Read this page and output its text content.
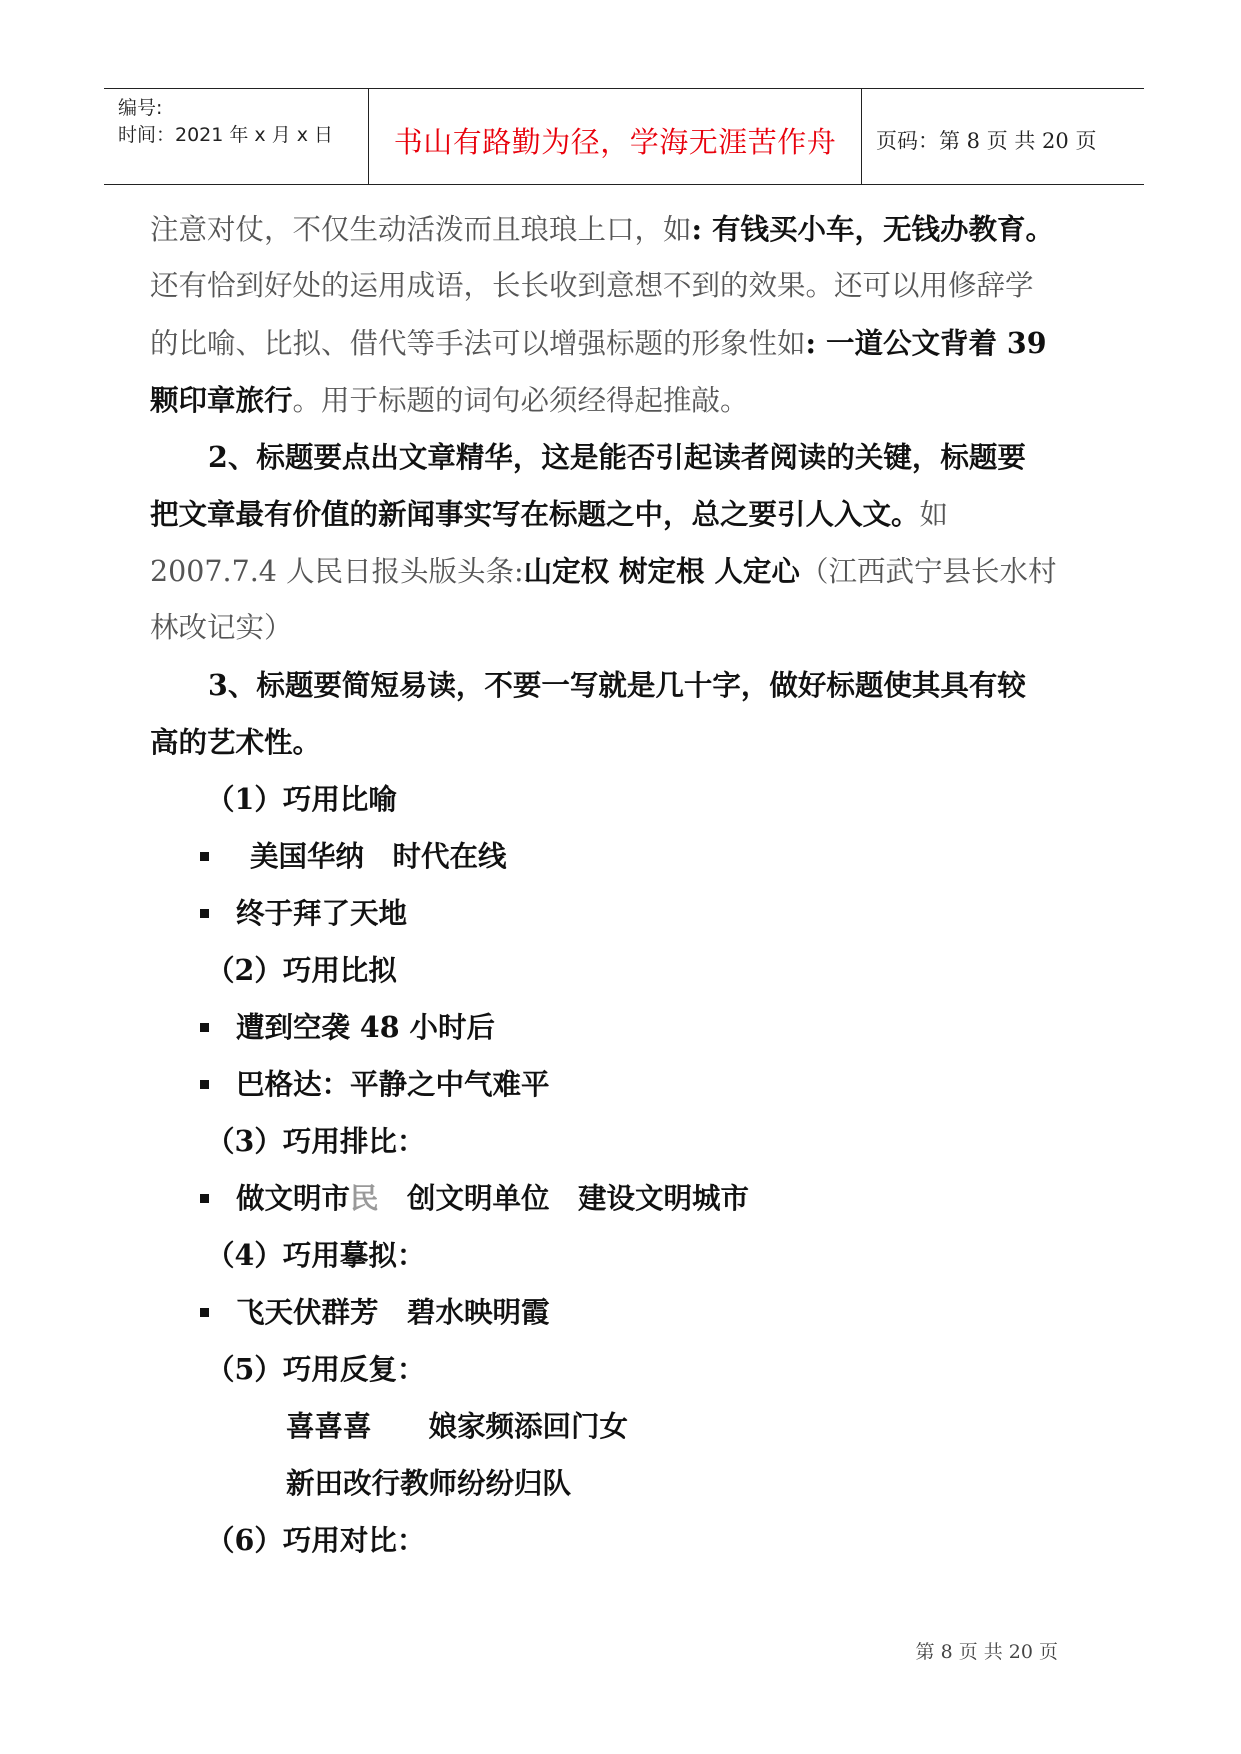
编号:
时间：2021 年 x 月 x 日	书山有路勤为径，学海无涯苦作舟	页码：第 8 页 共 20 页
注意对仗，不仅生动活泼而且琅琅上口，如: 有钱买小车，无钱办教育。
还有恰到好处的运用成语，长长收到意想不到的效果。还可以用修辞学
的比喻、比拟、借代等手法可以增强标题的形象性如: 一道公文背着 39
颗印章旅行。用于标题的词句必须经得起推敲。
2、标题要点出文章精华，这是能否引起读者阅读的关键，标题要
把文章最有价值的新闻事实写在标题之中，总之要引人入文。如
2007.7.4 人民日报头版头条:山定权 树定根 人定心（江西武宁县长水村
林改记实）
3、标题要简短易读，不要一写就是几十字，做好标题使其具有较
高的艺术性。
（1）巧用比喻
美国华纳　时代在线
终于拜了天地
（2）巧用比拟
遭到空袭 48 小时后
巴格达：平静之中气难平
（3）巧用排比：
做文明市民　创文明单位　建设文明城市
（4）巧用摹拟：
飞天伏群芳　碧水映明霞
（5）巧用反复：
喜喜喜　　娘家频添回门女
新田改行教师纷纷归队
（6）巧用对比：
第 8 页 共 20 页
